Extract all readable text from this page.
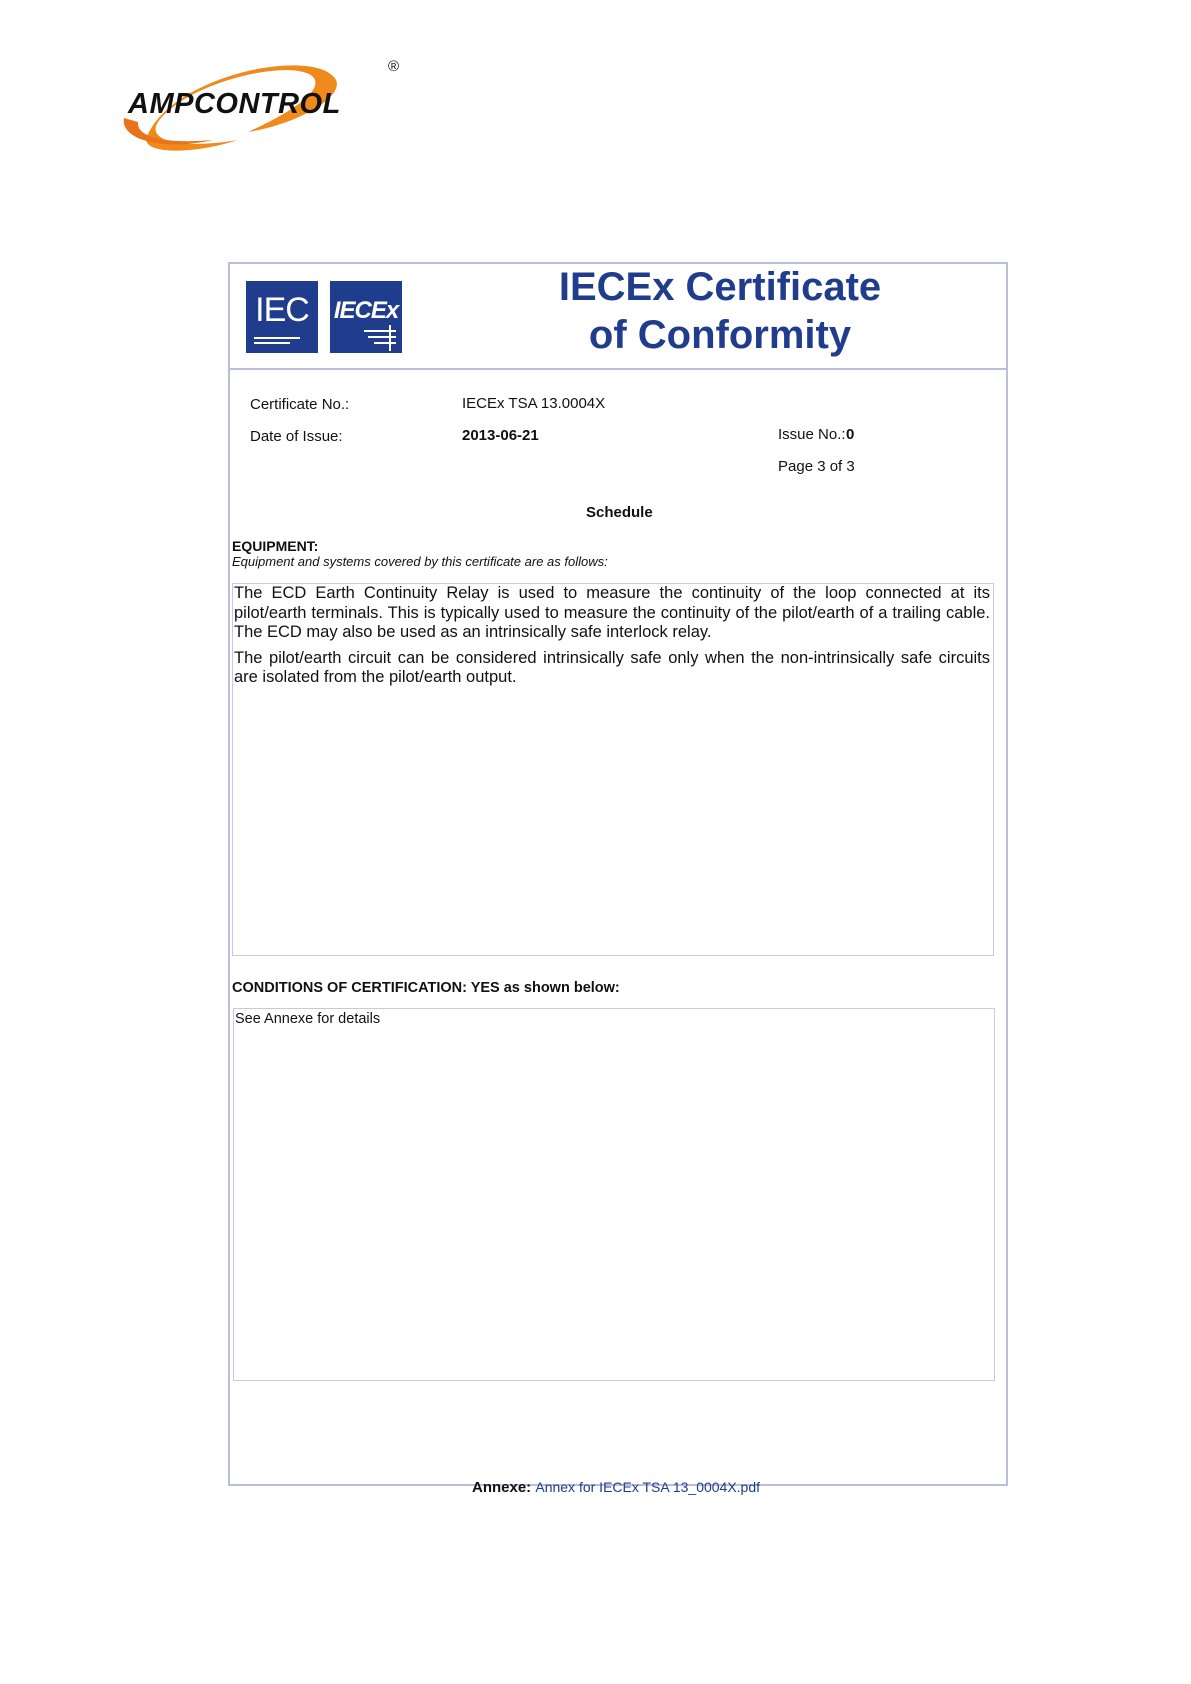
AMPCONTROL
®
IEC	IECEx
IECEx Certificate
of Conformity
Certificate No.:	IECEx TSA 13.0004X
Date of Issue:	2013-06-21	Issue No.: 0
Page 3 of 3
Schedule
EQUIPMENT:
Equipment and systems covered by this certificate are as follows:

The ECD Earth Continuity Relay is used to measure the continuity of the loop connected at its pilot/earth terminals. This is typically used to measure the continuity of the pilot/earth of a trailing cable. The ECD may also be used as an intrinsically safe interlock relay.

The pilot/earth circuit can be considered intrinsically safe only when the non-intrinsically safe circuits are isolated from the pilot/earth output.

CONDITIONS OF CERTIFICATION: YES as shown below:
See Annexe for details
Annexe: Annex for IECEx TSA 13_0004X.pdf
